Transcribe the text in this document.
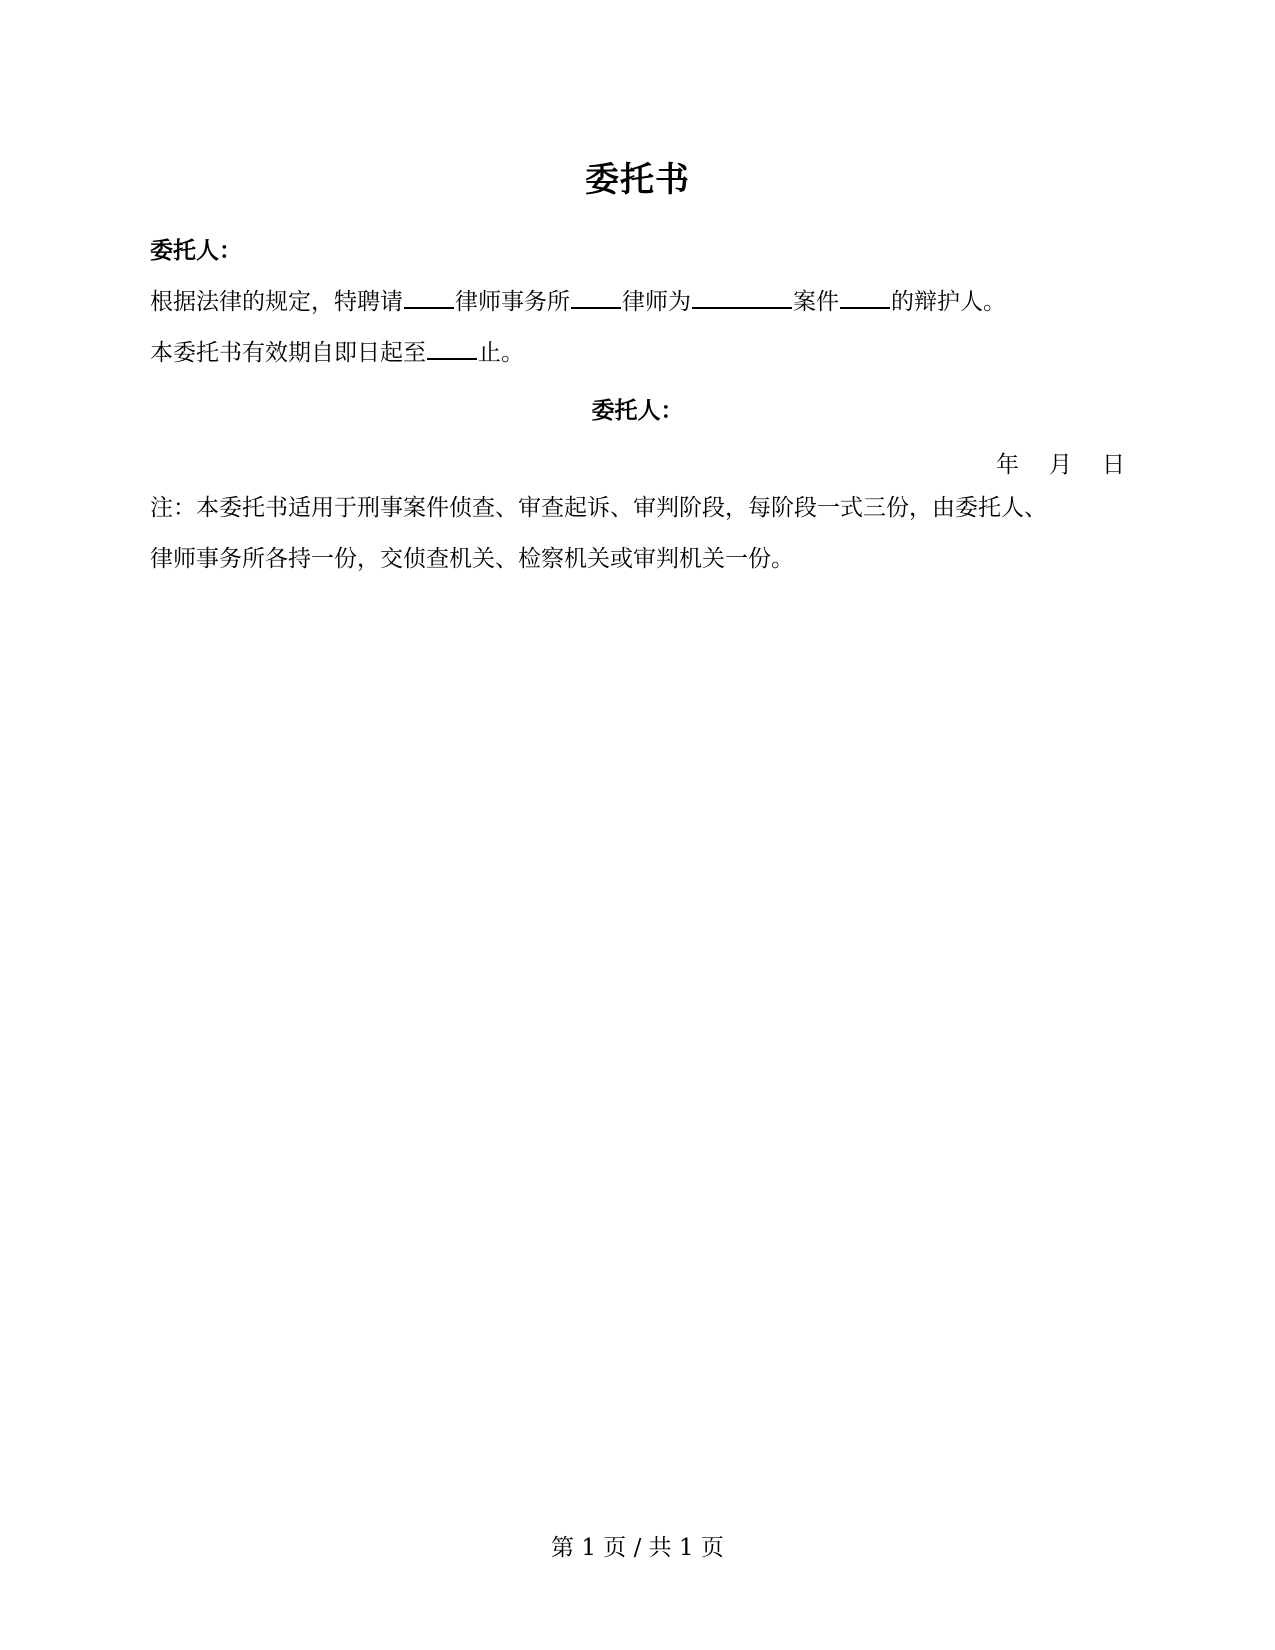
委托书
委托人：
根据法律的规定，特聘请 律师事务所 律师为	案件 的辩护人。
本委托书有效期自即日起至 止。
委托人：
年 月 日
注：本委托书适用于刑事案件侦查、审查起诉、审判阶段，每阶段一式三份，由委托人、
律师事务所各持一份，交侦查机关、检察机关或审判机关一份。
第 1 页 / 共 1 页
